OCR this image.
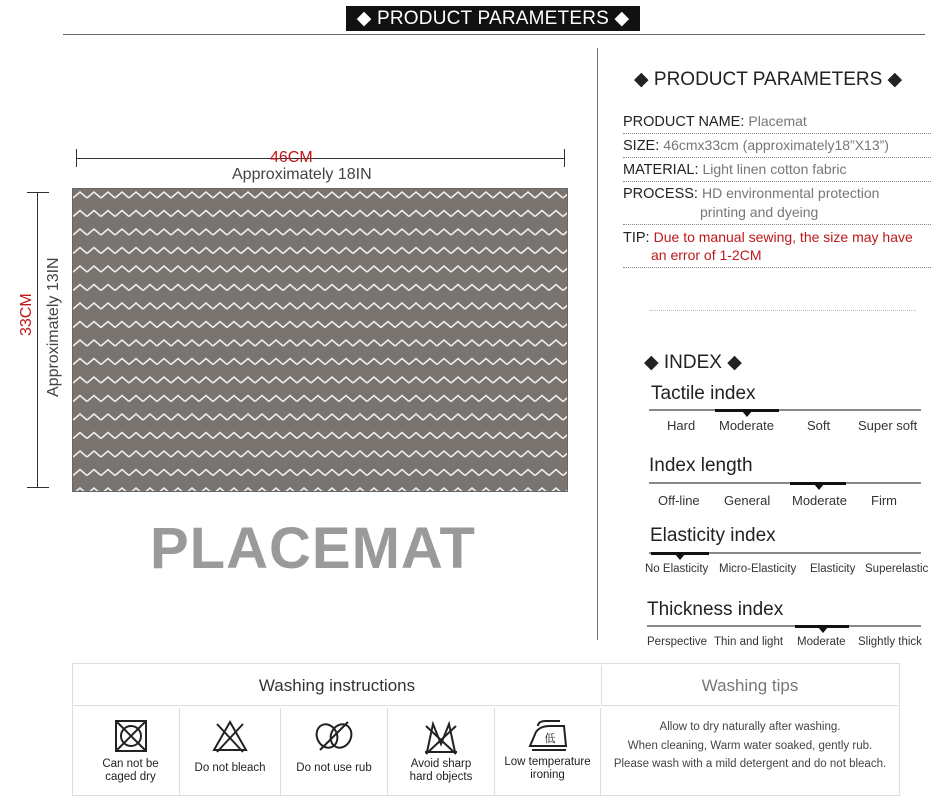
◆ PRODUCT PARAMETERS ◆
46CM
Approximately 18IN
33CM Approximately 13IN
PLACEMAT
◆ PRODUCT PARAMETERS ◆
PRODUCT NAME: Placemat
SIZE: 46cmx33cm (approximately18”X13”)
MATERIAL: Light linen cotton fabric
PROCESS: HD environmental protection
printing and dyeing
TIP: Due to manual sewing, the size may have
an error of 1-2CM
◆ INDEX ◆
Tactile index
Hard Moderate	Soft Super soft
Index length
Off-line General Moderate Firm
Elasticity index
No Elasticity Micro-Elasticity Elasticity Superelastic
Thickness index
Perspective Thin and light Moderate Slightly thick
Washing instructions	Washing tips
Can not be
caged dry
Do not bleach	Do not use rub	Avoid sharp
hard objects
低
Low temperature
ironing
Allow to dry naturally after washing.
When cleaning, Warm water soaked, gently rub.
Please wash with a mild detergent and do not bleach.
